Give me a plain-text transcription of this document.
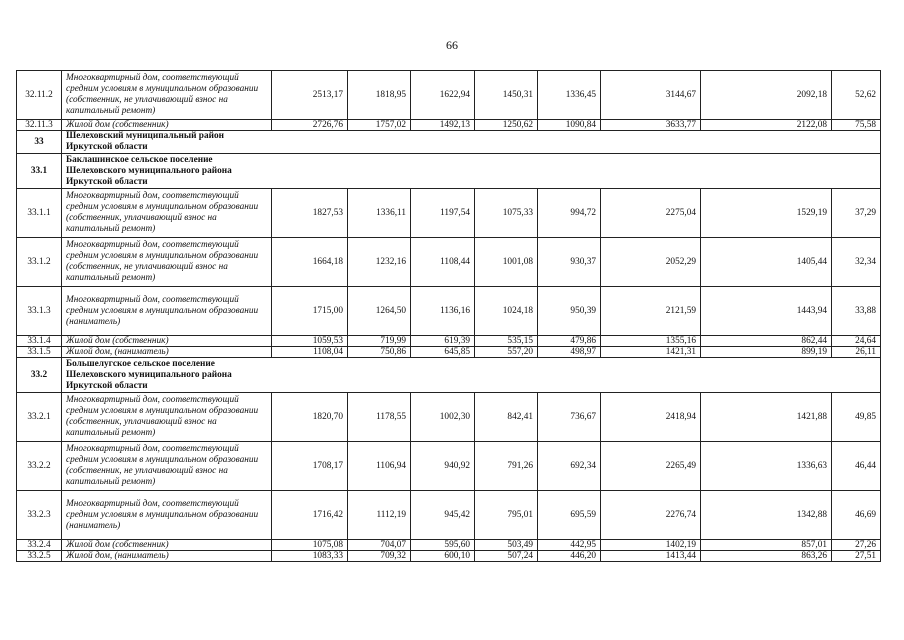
66
32.11.2	Многоквартирный дом, соответствующий средним условиям в муниципальном образовании (собственник, не уплачивающий взнос на капитальный ремонт)	2513,17	1818,95	1622,94	1450,31	1336,45	3144,67	2092,18	52,62
32.11.3	Жилой дом (собственник)	2726,76	1757,02	1492,13	1250,62	1090,84	3633,77	2122,08	75,58
33	Шелеховский муниципальный район Иркутской области								

33.1	Баклашинское сельское поселение Шелеховского муниципального района Иркутской области								

33.1.1	Многоквартирный дом, соответствующий средним условиям в муниципальном образовании (собственник, уплачивающий взнос на капитальный ремонт)	1827,53	1336,11	1197,54	1075,33	994,72	2275,04	1529,19	37,29
33.1.2	Многоквартирный дом, соответствующий средним условиям в муниципальном образовании (собственник, не уплачивающий взнос на капитальный ремонт)	1664,18	1232,16	1108,44	1001,08	930,37	2052,29	1405,44	32,34
33.1.3	Многоквартирный дом, соответствующий средним условиям в муниципальном образовании (наниматель)	1715,00	1264,50	1136,16	1024,18	950,39	2121,59	1443,94	33,88
33.1.4	Жилой дом (собственник)	1059,53	719,99	619,39	535,15	479,86	1355,16	862,44	24,64
33.1.5	Жилой дом, (наниматель)	1108,04	750,86	645,85	557,20	498,97	1421,31	899,19	26,11
33.2	Большелугское сельское поселение Шелеховского муниципального района Иркутской области								

33.2.1	Многоквартирный дом, соответствующий средним условиям в муниципальном образовании (собственник, уплачивающий взнос на капитальный ремонт)	1820,70	1178,55	1002,30	842,41	736,67	2418,94	1421,88	49,85
33.2.2	Многоквартирный дом, соответствующий средним условиям в муниципальном образовании (собственник, не уплачивающий взнос на капитальный ремонт)	1708,17	1106,94	940,92	791,26	692,34	2265,49	1336,63	46,44
33.2.3	Многоквартирный дом, соответствующий средним условиям в муниципальном образовании (наниматель)	1716,42	1112,19	945,42	795,01	695,59	2276,74	1342,88	46,69
33.2.4	Жилой дом (собственник)	1075,08	704,07	595,60	503,49	442,95	1402,19	857,01	27,26
33.2.5	Жилой дом, (наниматель)	1083,33	709,32	600,10	507,24	446,20	1413,44	863,26	27,51
